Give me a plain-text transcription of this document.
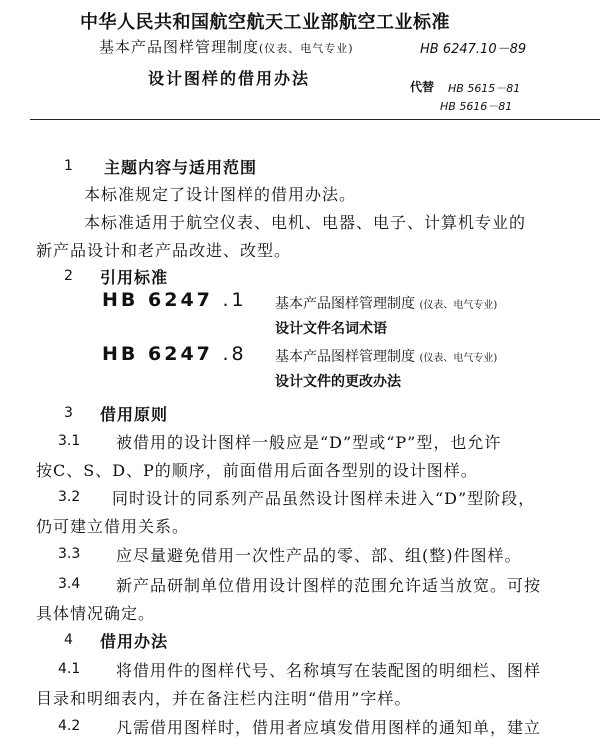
中华人民共和国航空航天工业部航空工业标准
基本产品图样管理制度(仪表、电气专业)	HB 6247.10－89
设计图样的借用办法	代替 HB 5615－81
HB 5616－81
1 主题内容与适用范围
本标准规定了设计图样的借用办法。
本标准适用于航空仪表、电机、电器、电子、计算机专业的
新产品设计和老产品改进、改型。
2 引用标准
HB 6247 .1 基本产品图样管理制度 (仪表、电气专业)
设计文件名词术语
HB 6247 .8 基本产品图样管理制度 (仪表、电气专业)
设计文件的更改办法
3 借用原则
3.1 被借用的设计图样一般应是“D”型或“P”型，也允许
按C、S、D、P的顺序，前面借用后面各型别的设计图样。
3.2 同时设计的同系列产品虽然设计图样未进入“D”型阶段，
仍可建立借用关系。
3.3 应尽量避免借用一次性产品的零、部、组(整)件图样。
3.4 新产品研制单位借用设计图样的范围允许适当放宽。可按
具体情况确定。
4 借用办法
4.1 将借用件的图样代号、名称填写在装配图的明细栏、图样
目录和明细表内，并在备注栏内注明“借用”字样。
4.2 凡需借用图样时，借用者应填发借用图样的通知单，建立
